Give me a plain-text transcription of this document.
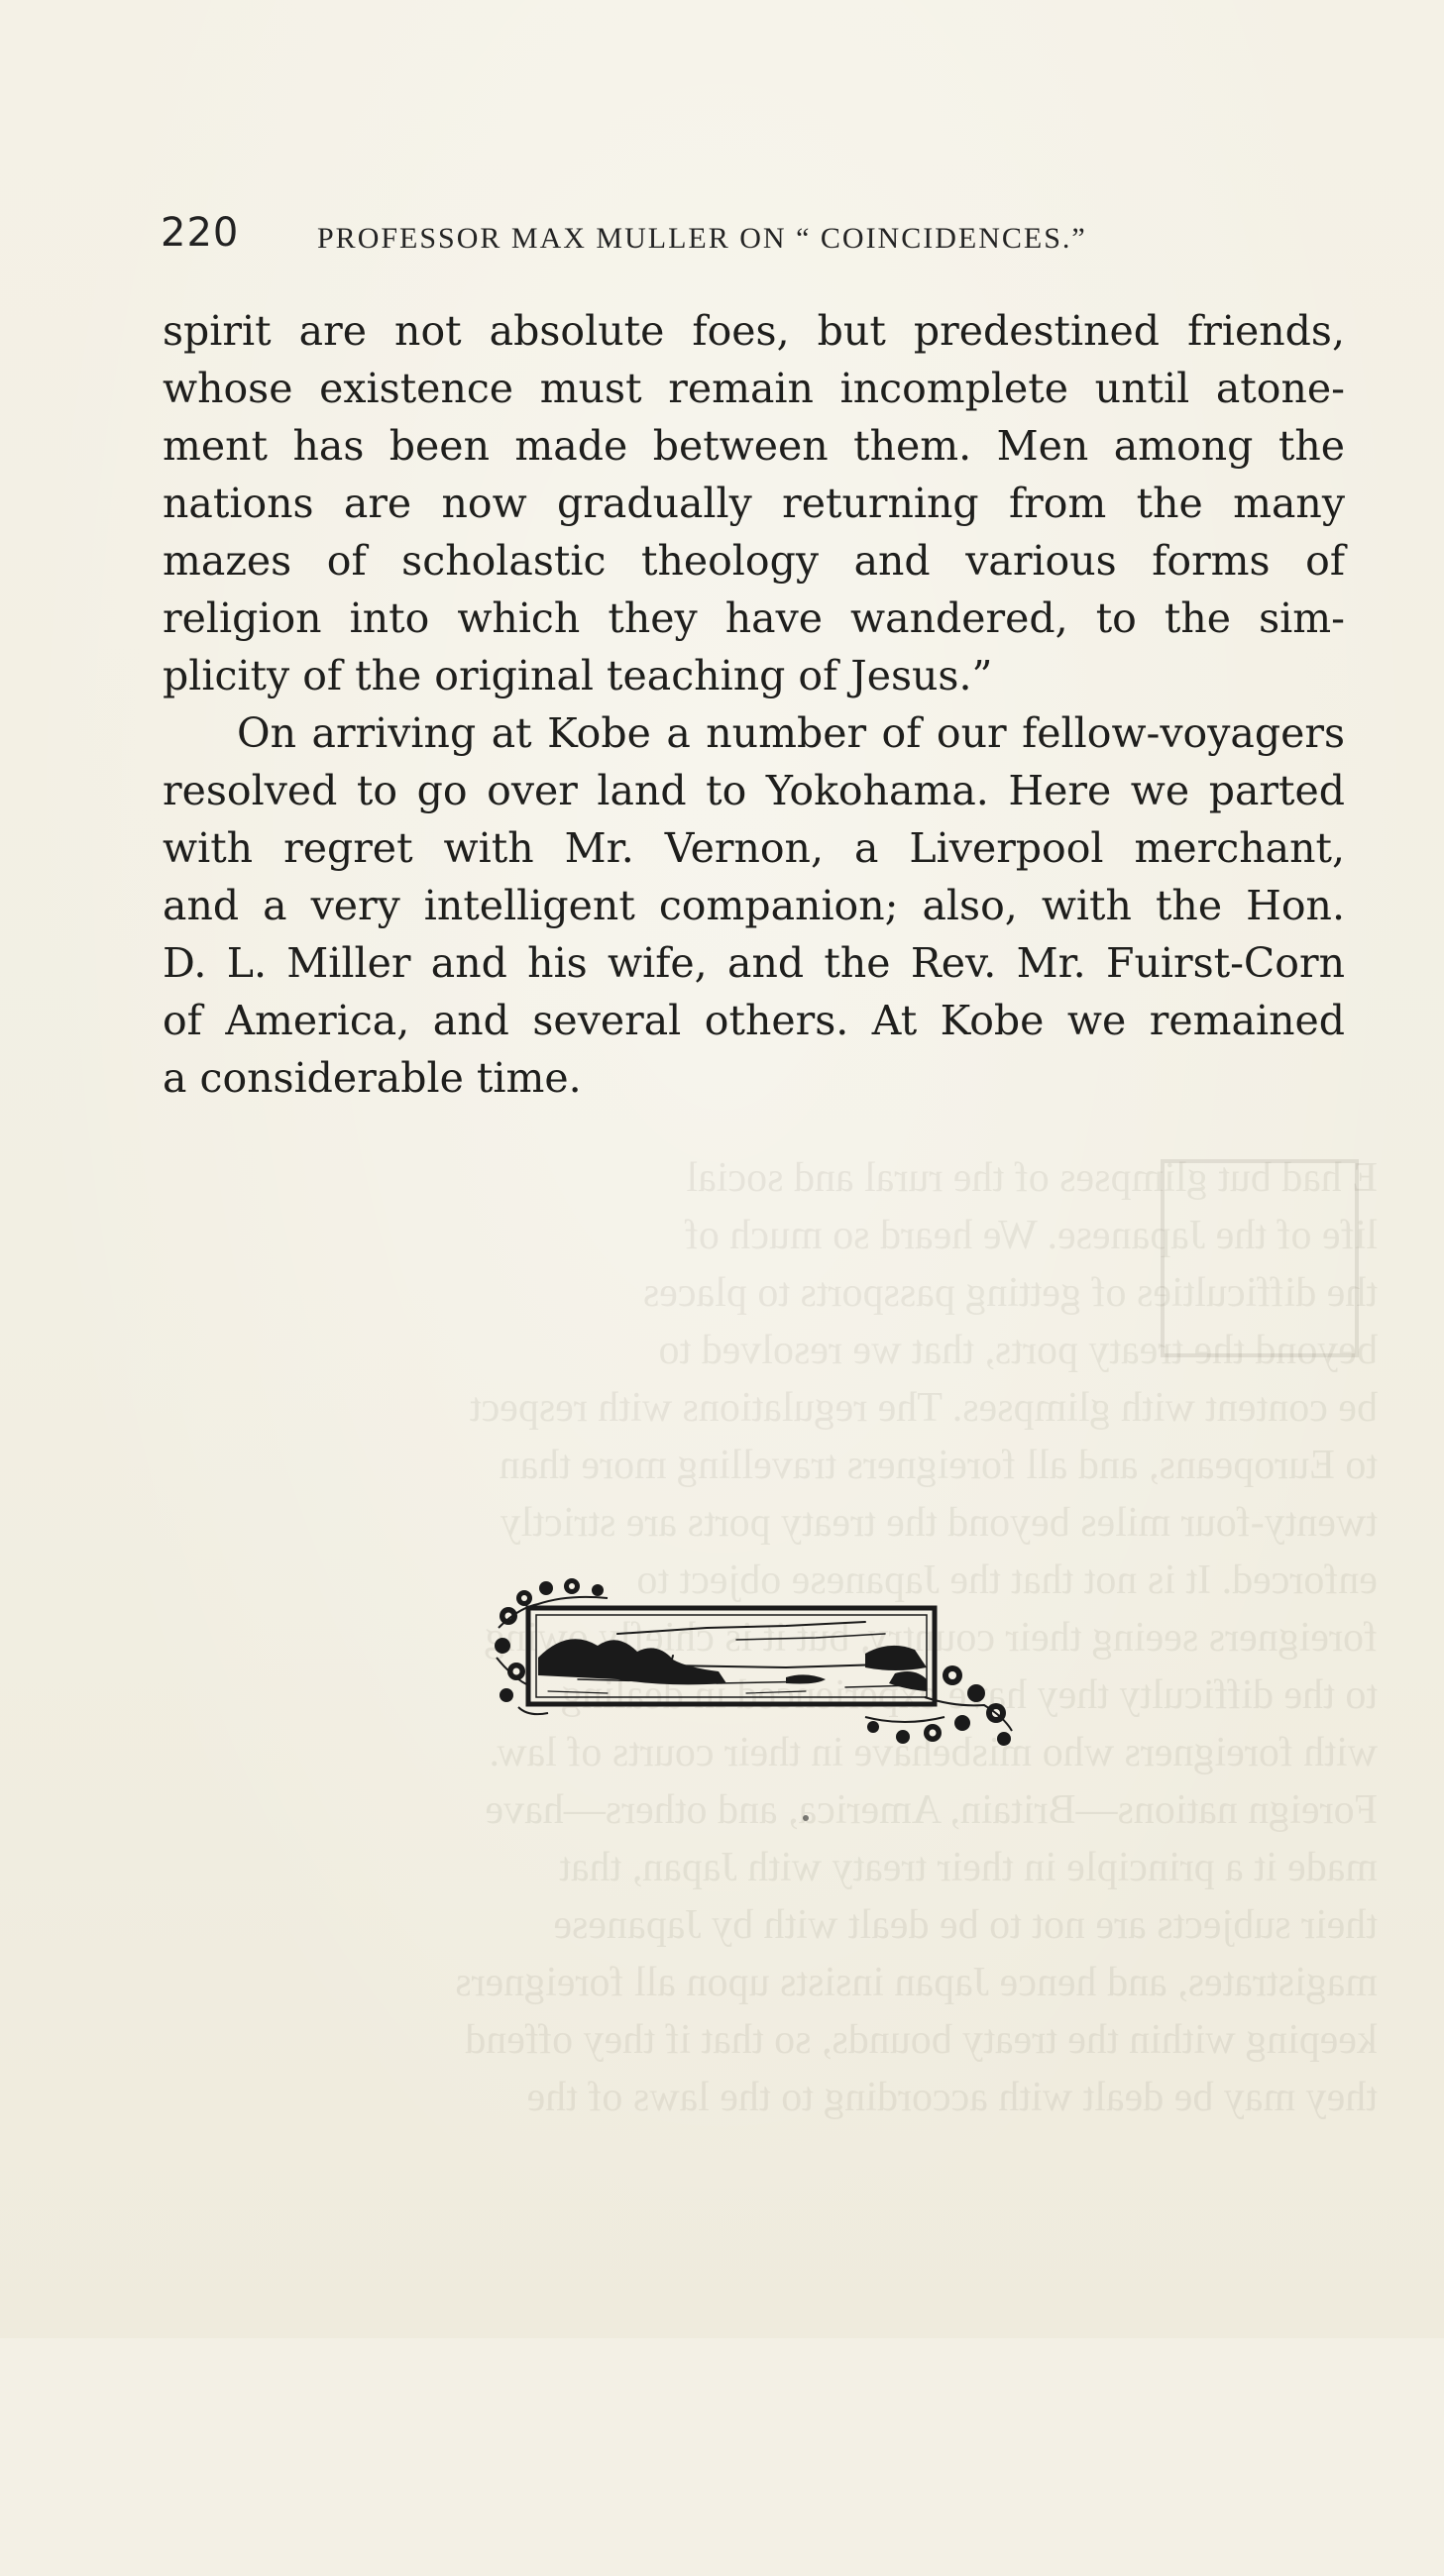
E had but glimpses of the rural and social
life of the Japanese. We heard so much of
the difficulties of getting passports to places
beyond the treaty ports, that we resolved to
be content with glimpses. The regulations with respect
to Europeans, and all foreigners travelling more than
twenty-four miles beyond the treaty ports are strictly
enforced. It is not that the Japanese object to
foreigners seeing their country, but it is chiefly owing
to the difficulty they have experienced in dealing
with foreigners who misbehave in their courts of law.
Foreign nations—Britain, America, and others—have
made it a principle in their treaty with Japan, that
their subjects are not to be dealt with by Japanese
magistrates, and hence Japan insists upon all foreigners
keeping within the treaty bounds, so that if they offend
they may be dealt with according to the laws of the
220	PROFESSOR MAX MULLER ON “ COINCIDENCES.”
spirit are not absolute foes, but predestined friends,
whose existence must remain incomplete until atone-
ment has been made between them. Men among the
nations are now gradually returning from the many
mazes of scholastic theology and various forms of
religion into which they have wandered, to the sim-
plicity of the original teaching of Jesus.”
On arriving at Kobe a number of our fellow-voyagers
resolved to go over land to Yokohama. Here we parted
with regret with Mr. Vernon, a Liverpool merchant,
and a very intelligent companion; also, with the Hon.
D. L. Miller and his wife, and the Rev. Mr. Fuirst-Corn
of America, and several others. At Kobe we remained
a considerable time.
